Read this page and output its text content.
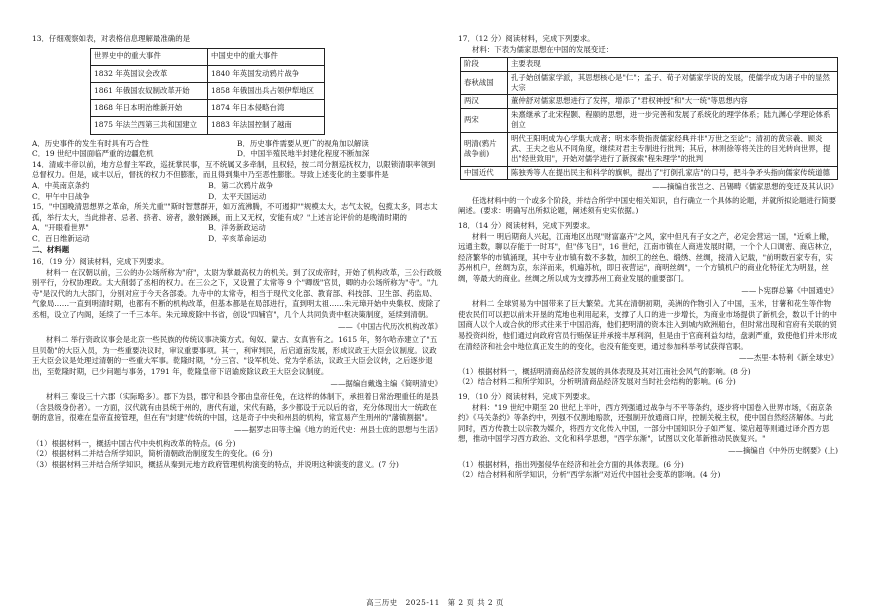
13．仔细观察如表，对表格信息理解最准确的是

世界史中的重大事件	中国史中的重大事件
1832 年英国议会改革	1840 年英国发动鸦片战争
1861 年俄国农奴制改革开始	1858 年俄国出兵占领伊犁地区
1868 年日本明治维新开始	1874 年日本侵略台湾
1875 年法兰西第三共和国建立	1883 年法国控制了越南
A．历史事件的发生有时具有巧合性	B．历史事件需要从更广的视角加以解读
C．19 世纪中国面临严重的边疆危机	D．中国半殖民地半封建化程度不断加深

14．清咸丰帝以前，地方总督主军政，巡抚掌民事，互不统属又多牵制，且权轻，按二司分割巡抚权力，以限锁清职率领到总督权力。但是，咸丰以后，督抚的权力不但膨胀，而且得到集中乃至恶性膨胀。导致上述变化的主要事件是

A．中英南京条约	B．第二次鸦片战争
C．甲午中日战争	D．太平天国运动

15．"中国晚清思想界之革命，所关尤重""斯时智慧群开，如万流沸腾，不可遏抑""规模太大，志气太锐，包揽太多，同志太孤，举行太大，当此排者、忌者、挤者、谤者，激射蹊蹊，而上又无权，安能有成？"上述言论评价的是晚清时期的

A．"开眼看世界"	B．洋务新政运动
C．百日维新运动	D．辛亥革命运动

二、材料题

16．（19 分）阅读材料，完成下列要求。

材料一 在汉朝以前，三公的办公场所称为"府"，太尉为掌最高权力的机关。到了汉成帝时，开始了机构改革，三公行政级别平行，分权协理政。太大削弱了丞相的权力。在三公之下，又设置了太常等 9 个"卿级"官员，卿的办公场所称为"寺"。"九寺"是汉代的九大部门，分别对应于今天各部委。九寺中的太常寺，相当于现代文化部、教育部、科技部、卫生部、药监局、气象局……一直到明清时期，也都有不断的机构改革，但基本都是在局部进行，直到明太祖……朱元璋开始中央集权、废除了丞相，设立了内阁，延续了一千三本年。朱元璋废除中书省，创设"四辅官"，几个人共同负责中枢决策制度，延续到清朝。

——《中国古代历次机构改革》

材料二 举行资政议事会是北京一些民族的传统议事决策方式。匈奴、蒙古、女真皆有之。1615 年，努尔哈赤建立了"五旦贝勒"的大臣入员，为一些重要决议时，审议重要事项。其一，利审判民，后启道南发展，形成议政王大臣会议制度。议政王大臣会议是处理过清朝的一些重大军事。乾隆时期，"分三宫、"设军机处、党为学系法，议政王大臣会议转，之后逐步退出，至乾隆时期，已少问题与事务，1791 年，乾隆皇帝下诏谕废除议政王大臣会议制度。

——据编自戴逸主编《简明清史》

材料三 秦设三十六郡（实际略多）。郡下为县，郡守和县令都由皇帝任免，在这样的体制下，承担着日常治理重任的是县（含县级身份者）。一方面，汉代就有由县统于州的，唐代有道，宋代有路，多少都设于元以后的省，充分体现出大一统政在朝的意旨，很难在皇帝直接管理，但在有"封建"传统的中国，这是奇子中央和州县的机构，常宣易产生刑州的"藩镇割据"。

——据罗志田等主编《地方的近代史：州县士庶的思想与生活》

（1）根据材料一，概括中国古代中央机构改革的特点。(6 分)

（2）根据材料二并结合所学知识，简析清朝政治制度发生的变化。(6 分)

（3）根据材料三并结合所学知识，概括从秦到元地方政府管理机构演变的特点，并说明这种演变的意义。(7 分)

17．（12 分）阅读材料，完成下列要求。

材料：下表为儒家思想在中国的发展变迁：

阶段	主要表现
春秋战国	孔子始创儒家学派，其思想核心是"仁"；孟子、荀子对儒家学说的发展，使儒学成为诸子中的显然大宗
两汉	董仲舒对儒家思想进行了发挥，增添了"君权神授"和"大一统"等思想内容
两宋	朱熹继承了北宋程颢、程颐的思想，进一步完善和发展了系统化的理学体系；陆九渊心学理论体系创立
明清(鸦片战争前)	明代王阳明成为心学集大成者；明末李贽指责儒家经典并非"万世之至论"；清初的黄宗羲、顾炎武、王夫之也从不同角度，继续对君主专制进行批判；其后，林则徐等将关注的目光转向世界，提出"经世致用"，开始对儒学进行了新探索"程朱理学"的批判
中国近代	陈独秀等人在提出民主和科学的旗帜，提出了"打倒孔家店"的口号，把斗争矛头指向儒家传统道德

——摘编自张岂之、吕锡畴《儒家思想的变迁及其认识》

任选材料中的一个或多个阶段，并结合所学中国史相关知识，自行确立一个具体的论题，并就所拟论题进行简要阐述。(要求：明确写出所拟论题，阐述须有史实依据。)

18．（14 分）阅读材料，完成下列要求。

材料一 明后期商人兴起，江南地区出现"财富嘉卉"之风，家中但凡有子女之产，必定会营运一国，"近乘上辙，远通主数，聊以存能于一时耳"，但"侈飞日"，16 世纪，江南市镇在人商进发展时期，一个个人口调密、商店林立，经济繁华的市镇涌现，其中专业市镇有数不多数，加织工的丝色、缎绣、丝绸，接清入记载，"前明数百家专有，实苏州机户，丝绸为京，东洋而来，机遍苏杭，即日夜营运"，商明丝绸"，一个方镇机户的商业化特征尤为明显，丝绸，等最大的商业。丝绸之所以成为支撑苏州工商业发展的重要部门。

——卜宪群总纂《中国通史》

材料二 全球贸易为中国带来了巨大繁荣。尤其在清朝初期，美洲的作物引入了中国，玉米，甘薯和花生等作物使农民们可以把以前未开垦的荒地也利用起来，支撑了人口的进一步增长，为商业市场提供了新机会，数以千计的中国商人以个人或合伙的形式往来于中国沿海，他们把明清的资本注入到城内欧洲船台，但时常出现和官府有关联的贸易投资纠纷，他们通过向政府官员行贿保证并承接丰厚利润，但是由于官商利益勾结，盘剥严重，致使他们并未形成在清经济和社会中地位真正发生的的变化，也没有能变更，通过参加科举考试获得官职。

——杰里·本特利《新全球史》

（1）根据材料一，概括明清商品经济发展的具体表现及其对江南社会风气的影响。(8 分)

（2）结合材料二和所学知识，分析明清商品经济发展对当时社会结构的影响。(6 分)

19．（10 分）阅读材料，完成下列要求。

材料："19 世纪中期至 20 世纪上半叶，西方列强通过战争与不平等条约，逐步将中国卷入世界市场，《南京条约》《马关条约》等条约中，列强不仅割地赔款，还强制开放通商口岸，控制关税主权，使中国自然经济解体。与此同时，西方传教士以宗教为媒介，将西方文化传入中国，一部分中国知识分子如严复、梁启超等则通过译介西方思想，推动中国学习西方政治、文化和科学思想，"西学东渐"，试图以文化革新推动民族复兴。"

——摘编自《中外历史纲要》(上)

（1）根据材料，指出列强侵华在经济和社会方面的具体表现。(6 分)

（2）结合材料和所学知识，分析"西学东渐"对近代中国社会变革的影响。(4 分)

高三历史　2025-11　第 2 页 共 2 页
